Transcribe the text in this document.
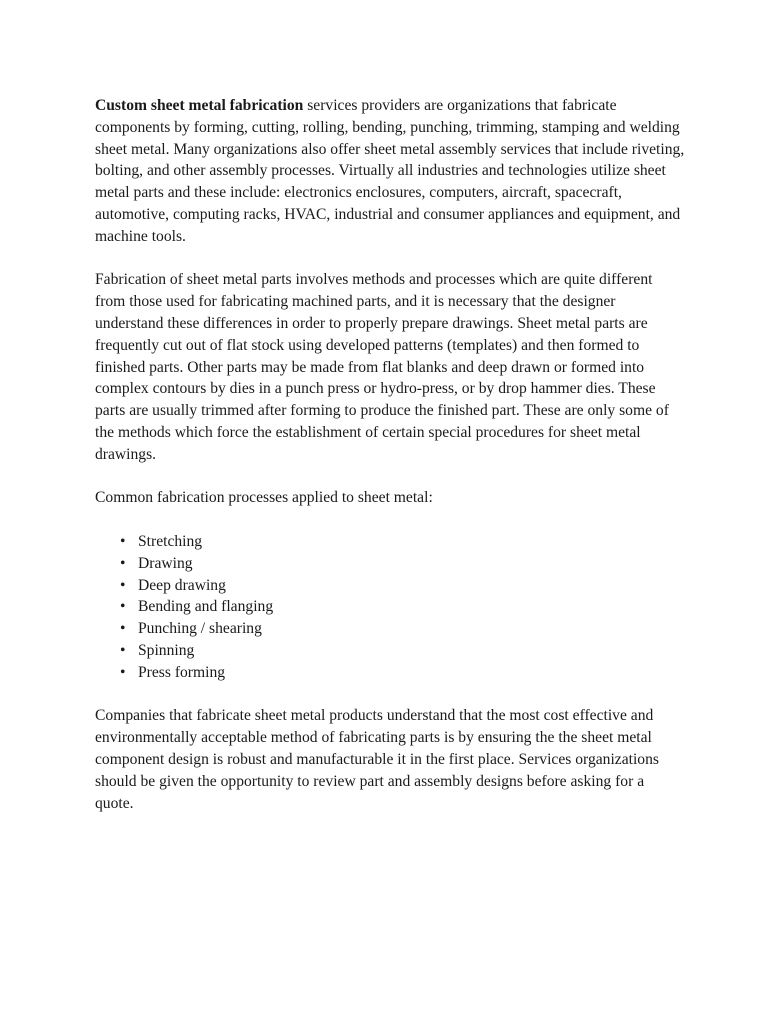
Custom sheet metal fabrication services providers are organizations that fabricate components by forming, cutting, rolling, bending, punching, trimming, stamping and welding sheet metal. Many organizations also offer sheet metal assembly services that include riveting, bolting, and other assembly processes. Virtually all industries and technologies utilize sheet metal parts and these include: electronics enclosures, computers, aircraft, spacecraft, automotive, computing racks, HVAC, industrial and consumer appliances and equipment, and machine tools.

Fabrication of sheet metal parts involves methods and processes which are quite different from those used for fabricating machined parts, and it is necessary that the designer understand these differences in order to properly prepare drawings. Sheet metal parts are frequently cut out of flat stock using developed patterns (templates) and then formed to finished parts. Other parts may be made from flat blanks and deep drawn or formed into complex contours by dies in a punch press or hydro-press, or by drop hammer dies. These parts are usually trimmed after forming to produce the finished part. These are only some of the methods which force the establishment of certain special procedures for sheet metal drawings.

Common fabrication processes applied to sheet metal:

• Stretching
• Drawing
• Deep drawing
• Bending and flanging
• Punching / shearing
• Spinning
• Press forming

Companies that fabricate sheet metal products understand that the most cost effective and environmentally acceptable method of fabricating parts is by ensuring the the sheet metal component design is robust and manufacturable it in the first place. Services organizations should be given the opportunity to review part and assembly designs before asking for a quote.
